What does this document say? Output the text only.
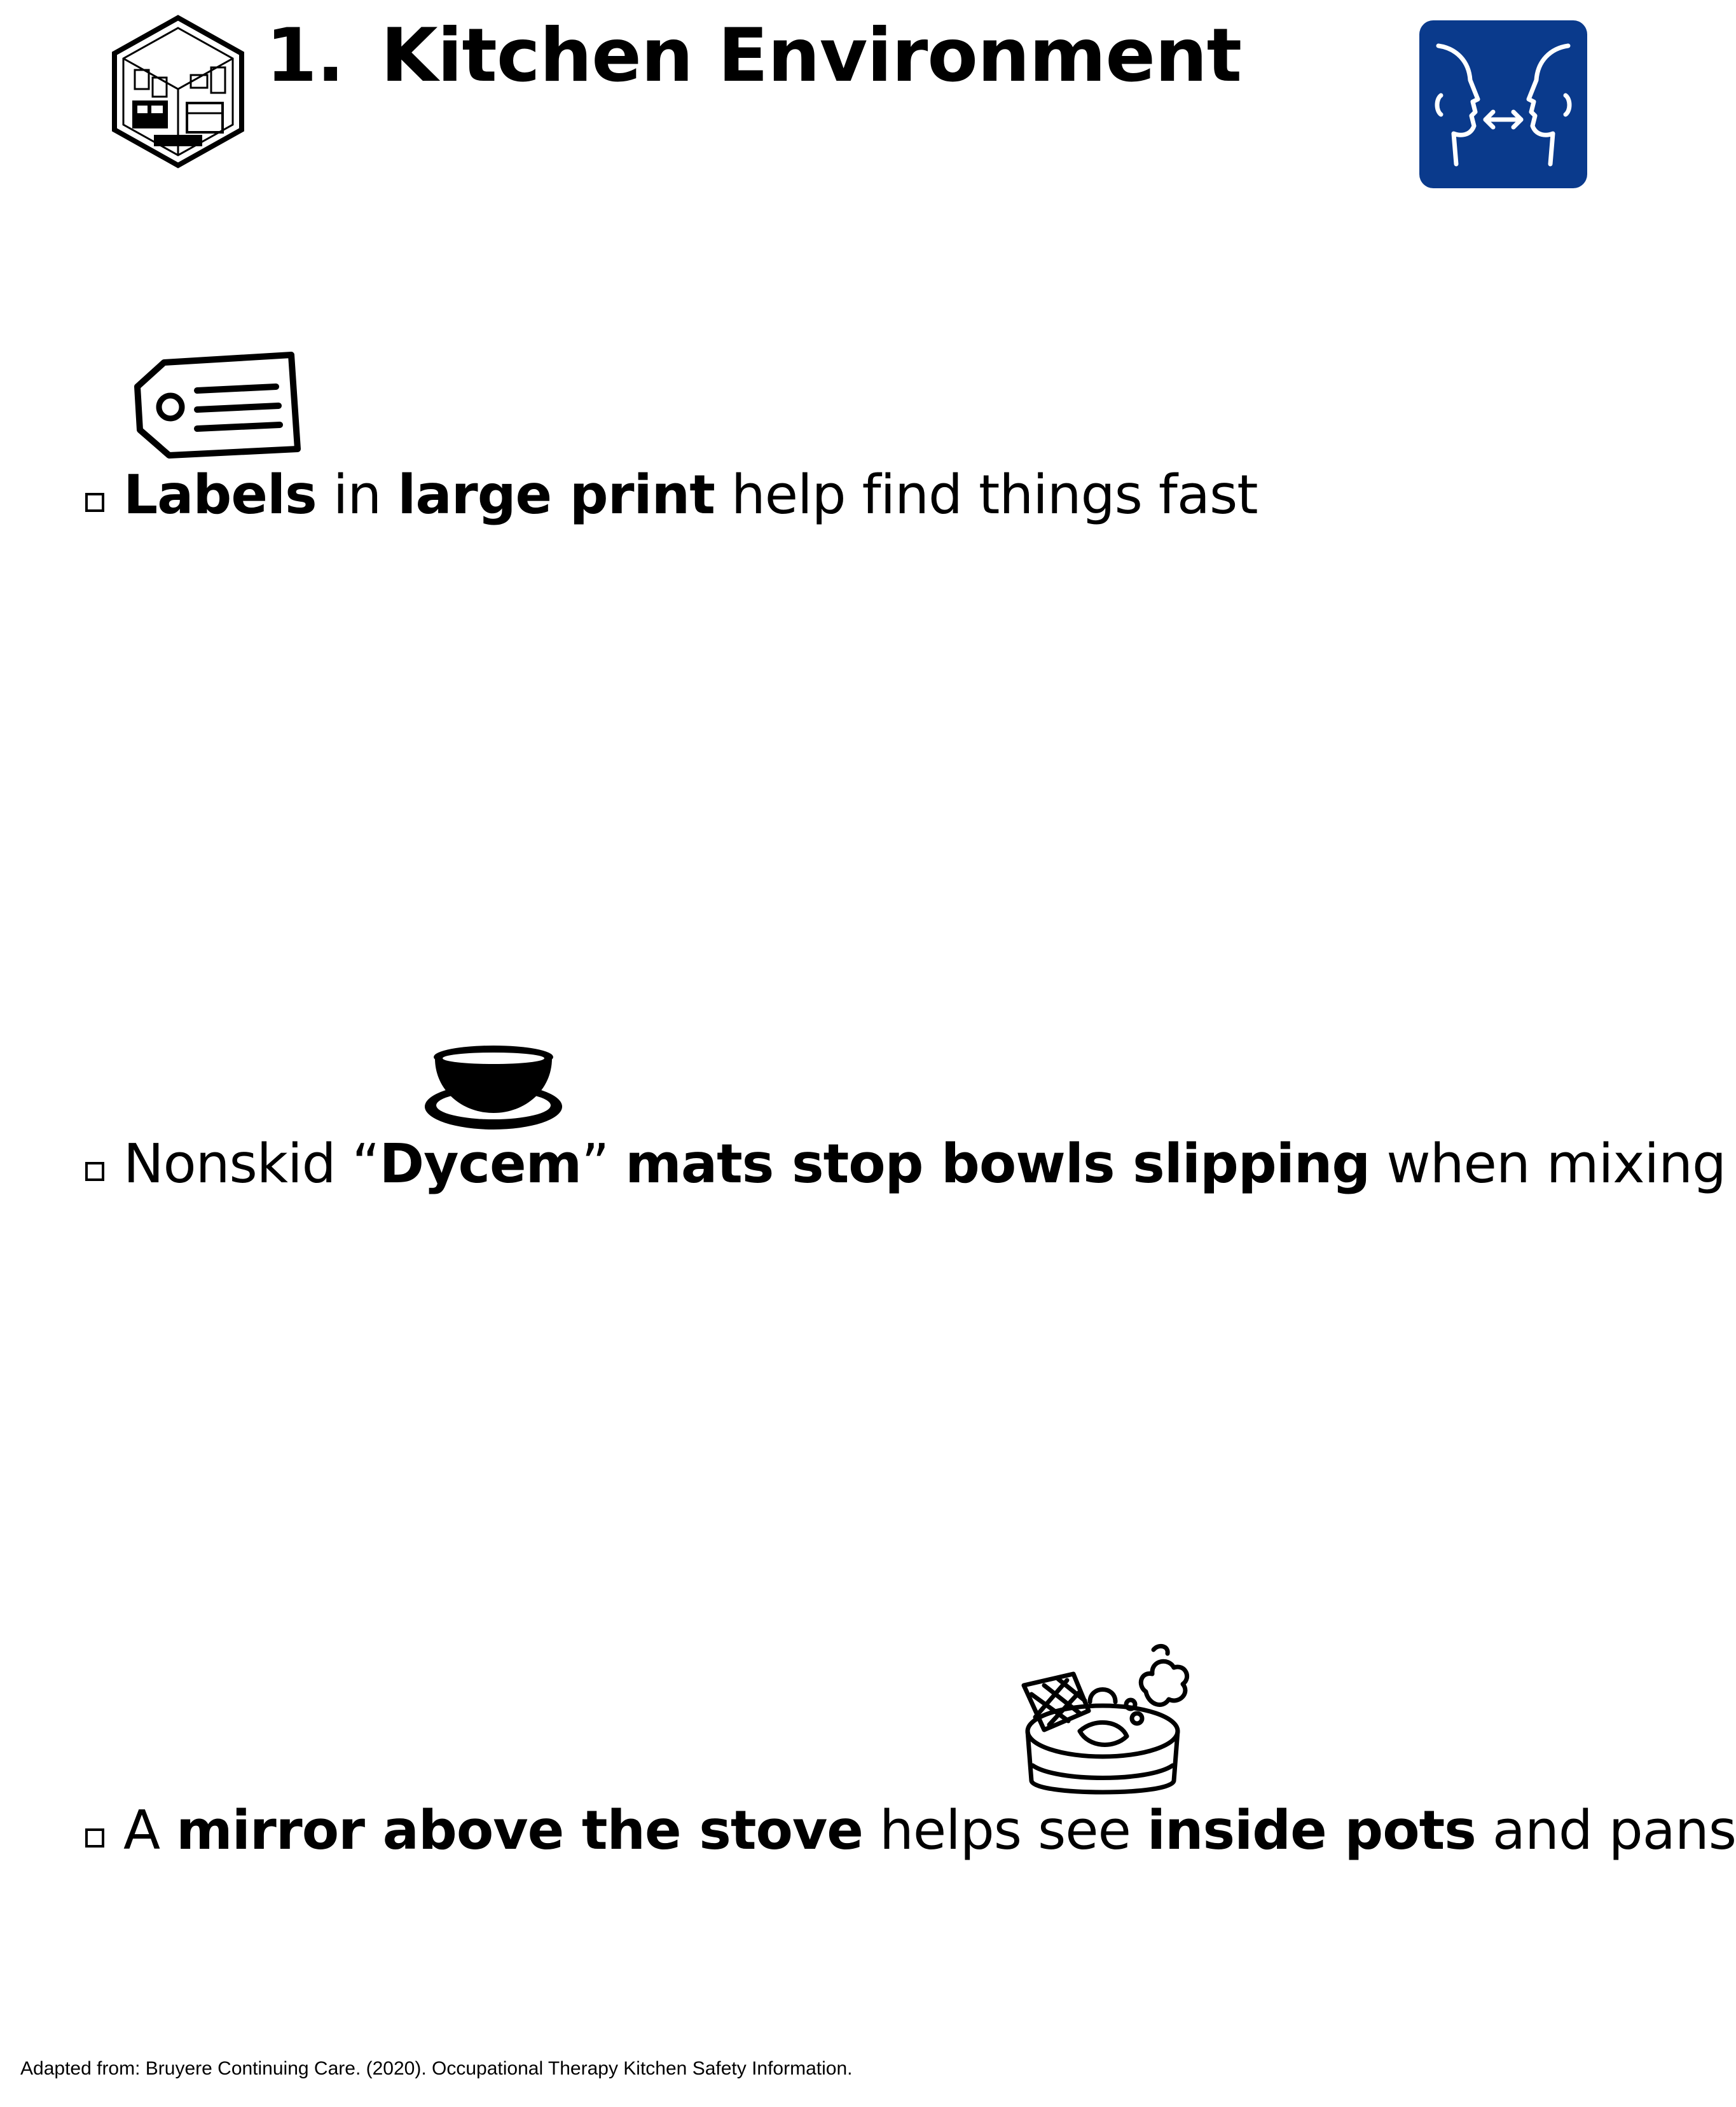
1. Kitchen Environment
Labels in large print help find things fast
Nonskid “Dycem” mats stop bowls slipping when mixing
A mirror above the stove helps see inside pots and pans
Adapted from: Bruyere Continuing Care. (2020). Occupational Therapy Kitchen Safety Information.
